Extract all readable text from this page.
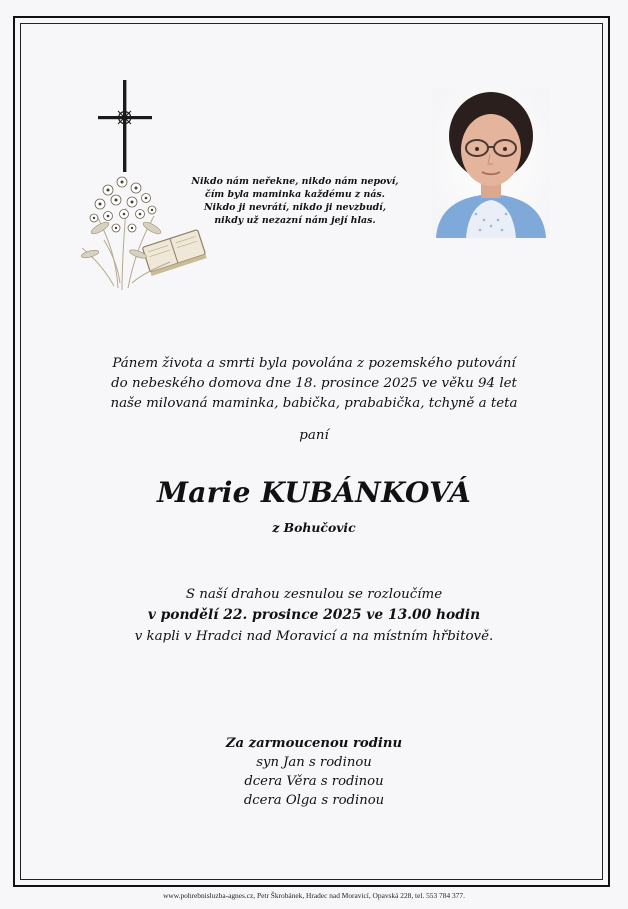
Nikdo nám neřekne, nikdo nám nepoví,
čím byla maminka každému z nás.
Nikdo ji nevrátí, nikdo ji nevzbudí,
nikdy už nezazní nám její hlas.
Pánem života a smrti byla povolána z pozemského putování
do nebeského domova dne 18. prosince 2025 ve věku 94 let
naše milovaná maminka, babička, prababička, tchyně a teta
paní
Marie KUBÁNKOVÁ
z Bohučovic
S naší drahou zesnulou se rozloučíme
v pondělí 22. prosince 2025 ve 13.00 hodin
v kapli v Hradci nad Moravicí a na místním hřbitově.
Za zarmoucenou rodinu
syn Jan s rodinou
dcera Věra s rodinou
dcera Olga s rodinou
www.pohrebnisluzba-agnes.cz, Petr Škrobánek, Hradec nad Moravicí, Opavská 228, tel. 553 784 377.
